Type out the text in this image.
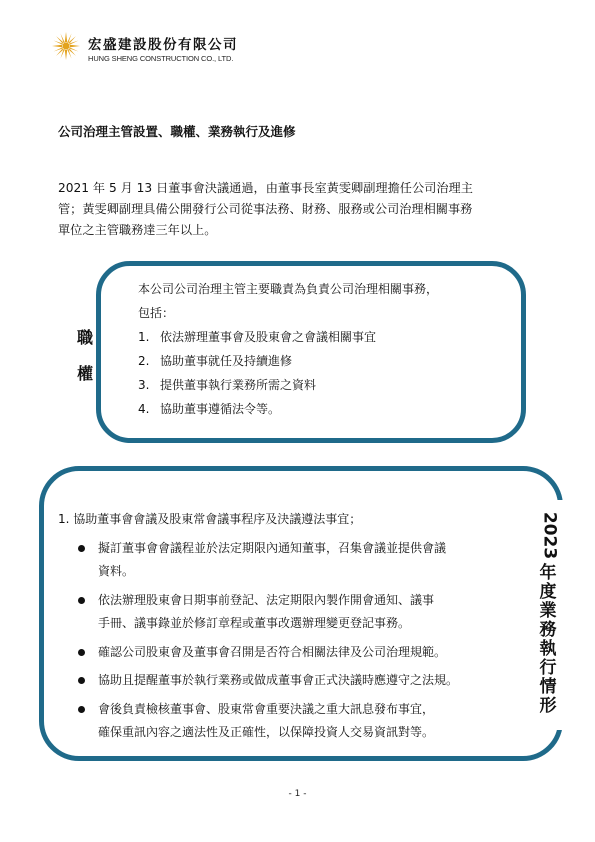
宏盛建設股份有限公司
HUNG SHENG CONSTRUCTION CO., LTD.
公司治理主管設置、職權、業務執行及進修

2021 年 5 月 13 日董事會決議通過，由董事長室黃雯卿副理擔任公司治理主

管；黃雯卿副理具備公開發行公司從事法務、財務、服務或公司治理相關事務

單位之主管職務達三年以上。

職
權
本公司公司治理主管主要職責為負責公司治理相關事務，
包括：
1. 依法辦理董事會及股東會之會議相關事宜
2. 協助董事就任及持續進修
3. 提供董事執行業務所需之資料
4. 協助董事遵循法令等。
2023
年
度
業
務
執
行
情
形
1. 協助董事會會議及股東常會議事程序及決議遵法事宜；
擬訂董事會會議程並於法定期限內通知董事，召集會議並提供會議
資料。
依法辦理股東會日期事前登記、法定期限內製作開會通知、議事
手冊、議事錄並於修訂章程或董事改選辦理變更登記事務。
確認公司股東會及董事會召開是否符合相關法律及公司治理規範。
協助且提醒董事於執行業務或做成董事會正式決議時應遵守之法規。
會後負責檢核董事會、股東常會重要決議之重大訊息發布事宜，
確保重訊內容之適法性及正確性，以保障投資人交易資訊對等。
- 1 -
